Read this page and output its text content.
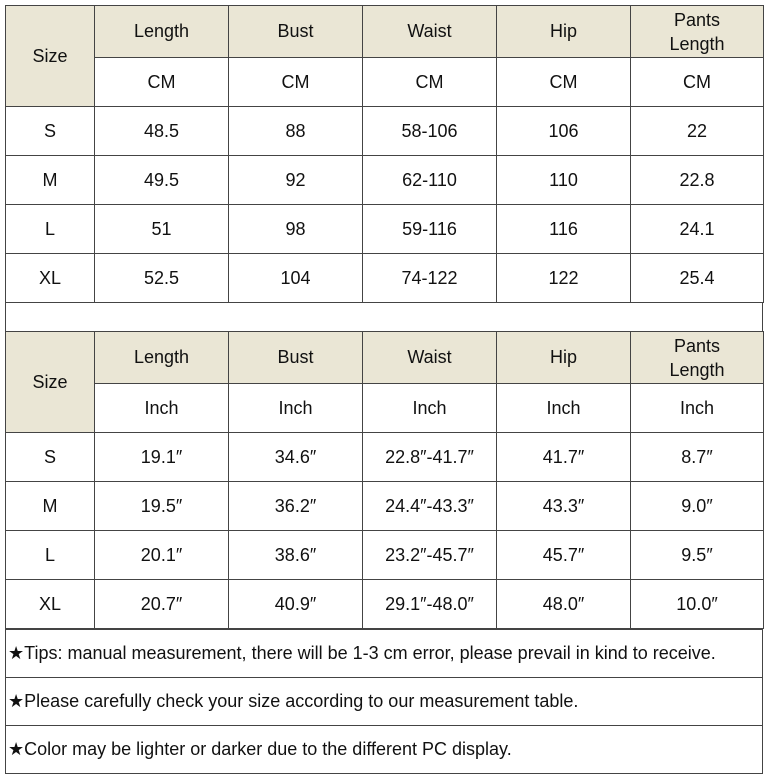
Size	Length	Bust	Waist	Hip	Pants
Length
	CM	CM	CM	CM	CM
S	48.5	88	58-106	106	22
M	49.5	92	62-110	110	22.8
L	51	98	59-116	116	24.1
XL	52.5	104	74-122	122	25.4
Size	Length	Bust	Waist	Hip	Pants
Length
	Inch	Inch	Inch	Inch	Inch
S	19.1″	34.6″	22.8″-41.7″	41.7″	8.7″
M	19.5″	36.2″	24.4″-43.3″	43.3″	9.0″
L	20.1″	38.6″	23.2″-45.7″	45.7″	9.5″
XL	20.7″	40.9″	29.1″-48.0″	48.0″	10.0″
★Tips: manual measurement, there will be 1-3 cm error, please prevail in kind to receive.
★Please carefully check your size according to our measurement table.
★Color may be lighter or darker due to the different PC display.
